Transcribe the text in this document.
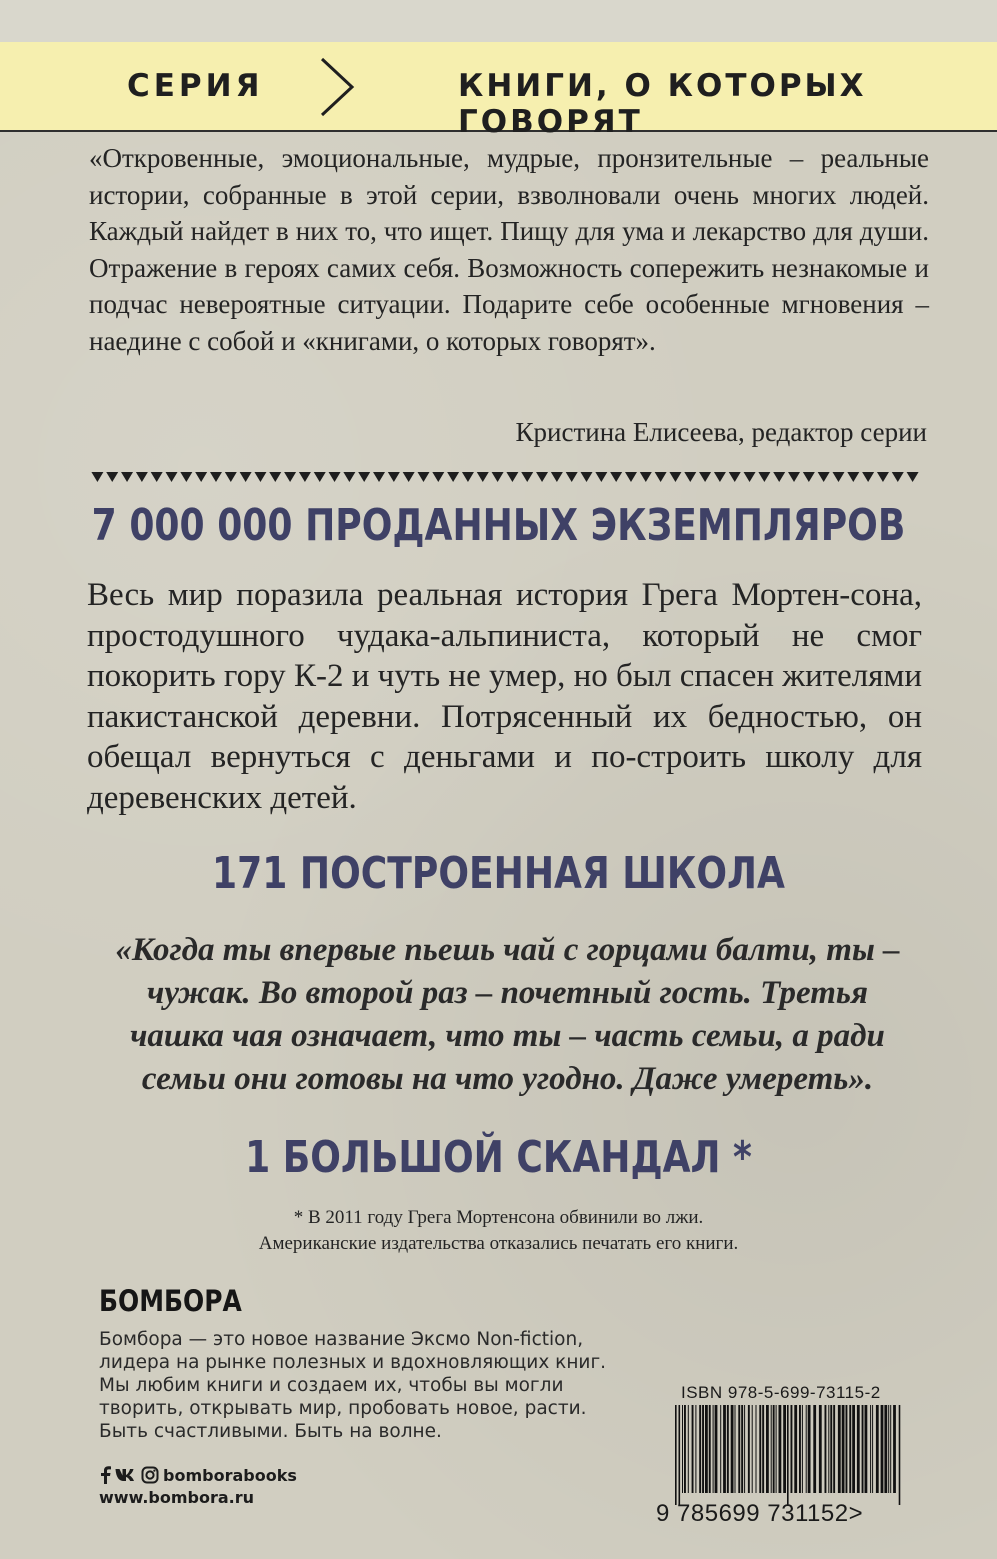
СЕРИЯ	КНИГИ, О КОТОРЫХ ГОВОРЯТ

«Откровенные, эмоциональные, мудрые, пронзительные – реальные истории, собранные в этой серии, взволновали очень многих людей. Каждый найдет в них то, что ищет. Пищу для ума и лекарство для души. Отражение в героях самих себя. Возможность сопережить незнакомые и подчас невероятные ситуации. Подарите себе особенные мгновения – наедине с собой и «книгами, о которых говорят».

Кристина Елисеева, редактор серии
7 000 000 ПРОДАННЫХ ЭКЗЕМПЛЯРОВ

Весь мир поразила реальная история Грега Мортен-сона, простодушного чудака-альпиниста, который не смог покорить гору К-2 и чуть не умер, но был спасен жителями пакистанской деревни. Потрясенный их бедностью, он обещал вернуться с деньгами и по-строить школу для деревенских детей.

171 ПОСТРОЕННАЯ ШКОЛА
«Когда ты впервые пьешь чай с горцами балти, ты –
чужак. Во второй раз – почетный гость. Третья
чашка чая означает, что ты – часть семьи, а ради
семьи они готовы на что угодно. Даже умереть».
1 БОЛЬШОЙ СКАНДАЛ *
* В 2011 году Грега Мортенсона обвинили во лжи.
Американские издательства отказались печатать его книги.
БОМБОРА
Бомбора — это новое название Эксмо Non-fiction,
лидера на рынке полезных и вдохновляющих книг.
Мы любим книги и создаем их, чтобы вы могли
творить, открывать мир, пробовать новое, расти.
Быть счастливыми. Быть на волне.
bomborabooks
www.bombora.ru
ISBN 978-5-699-73115-2
9 785699 731152>
